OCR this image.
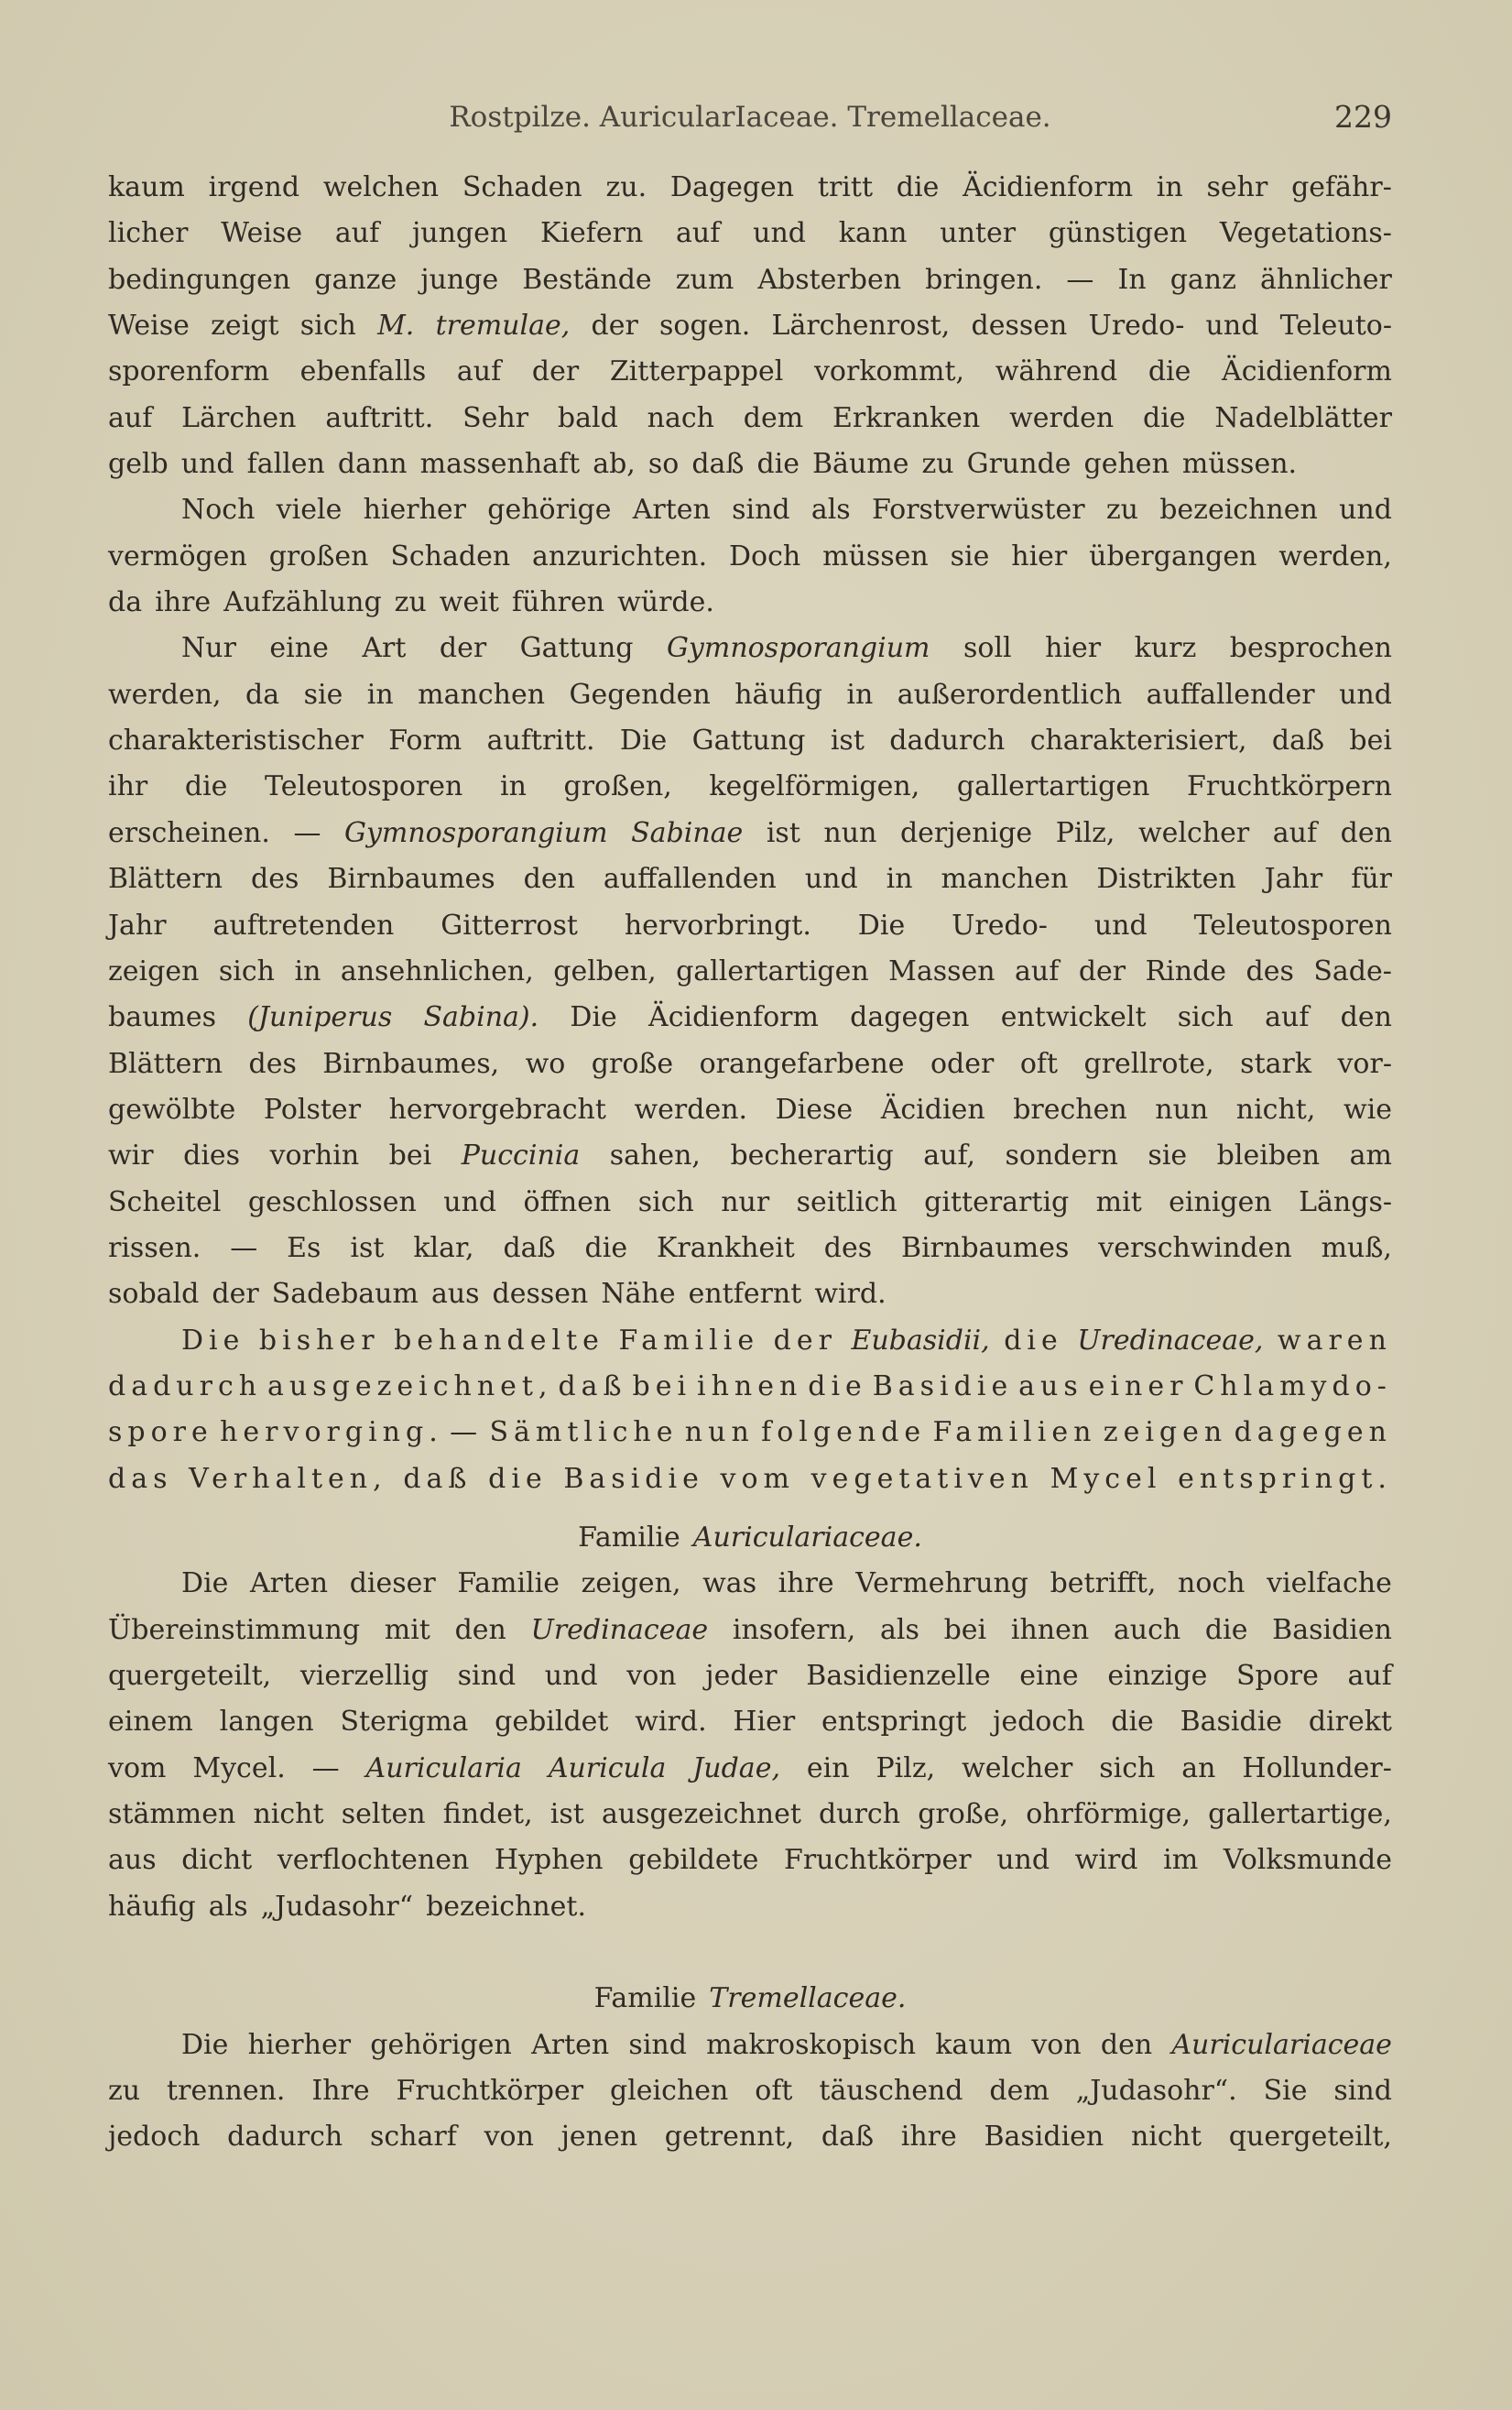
Rostpilze. AuricularIaceae. Tremellaceae.	229
kaum irgend welchen Schaden zu. Dagegen tritt die Äcidienform in sehr gefähr-
licher Weise auf jungen Kiefern auf und kann unter günstigen Vegetations-
bedingungen ganze junge Bestände zum Absterben bringen. — In ganz ähnlicher
Weise zeigt sich M. tremulae, der sogen. Lärchenrost, dessen Uredo- und Teleuto-
sporenform ebenfalls auf der Zitterpappel vorkommt, während die Äcidienform
auf Lärchen auftritt. Sehr bald nach dem Erkranken werden die Nadelblätter
gelb und fallen dann massenhaft ab, so daß die Bäume zu Grunde gehen müssen.
Noch viele hierher gehörige Arten sind als Forstverwüster zu bezeichnen und
vermögen großen Schaden anzurichten. Doch müssen sie hier übergangen werden,
da ihre Aufzählung zu weit führen würde.
Nur eine Art der Gattung Gymnosporangium soll hier kurz besprochen
werden, da sie in manchen Gegenden häufig in außerordentlich auffallender und
charakteristischer Form auftritt. Die Gattung ist dadurch charakterisiert, daß bei
ihr die Teleutosporen in großen, kegelförmigen, gallertartigen Fruchtkörpern
erscheinen. — Gymnosporangium Sabinae ist nun derjenige Pilz, welcher auf den
Blättern des Birnbaumes den auffallenden und in manchen Distrikten Jahr für
Jahr auftretenden Gitterrost hervorbringt. Die Uredo- und Teleutosporen
zeigen sich in ansehnlichen, gelben, gallertartigen Massen auf der Rinde des Sade-
baumes (Juniperus Sabina). Die Äcidienform dagegen entwickelt sich auf den
Blättern des Birnbaumes, wo große orangefarbene oder oft grellrote, stark vor-
gewölbte Polster hervorgebracht werden. Diese Äcidien brechen nun nicht, wie
wir dies vorhin bei Puccinia sahen, becherartig auf, sondern sie bleiben am
Scheitel geschlossen und öffnen sich nur seitlich gitterartig mit einigen Längs-
rissen. — Es ist klar, daß die Krankheit des Birnbaumes verschwinden muß,
sobald der Sadebaum aus dessen Nähe entfernt wird.
Die bisher behandelte Familie der Eubasidii, die Uredinaceae, waren
dadurch ausgezeichnet, daß bei ihnen die Basidie aus einer Chlamydo-
spore hervorging. — Sämtliche nun folgende Familien zeigen dagegen
das Verhalten, daß die Basidie vom vegetativen Mycel entspringt.
Familie Auriculariaceae.
Die Arten dieser Familie zeigen, was ihre Vermehrung betrifft, noch vielfache
Übereinstimmung mit den Uredinaceae insofern, als bei ihnen auch die Basidien
quergeteilt, vierzellig sind und von jeder Basidienzelle eine einzige Spore auf
einem langen Sterigma gebildet wird. Hier entspringt jedoch die Basidie direkt
vom Mycel. — Auricularia Auricula Judae, ein Pilz, welcher sich an Hollunder-
stämmen nicht selten findet, ist ausgezeichnet durch große, ohrförmige, gallertartige,
aus dicht verflochtenen Hyphen gebildete Fruchtkörper und wird im Volksmunde
häufig als „Judasohr“ bezeichnet.
Familie Tremellaceae.
Die hierher gehörigen Arten sind makroskopisch kaum von den Auriculariaceae
zu trennen. Ihre Fruchtkörper gleichen oft täuschend dem „Judasohr“. Sie sind
jedoch dadurch scharf von jenen getrennt, daß ihre Basidien nicht quergeteilt,
